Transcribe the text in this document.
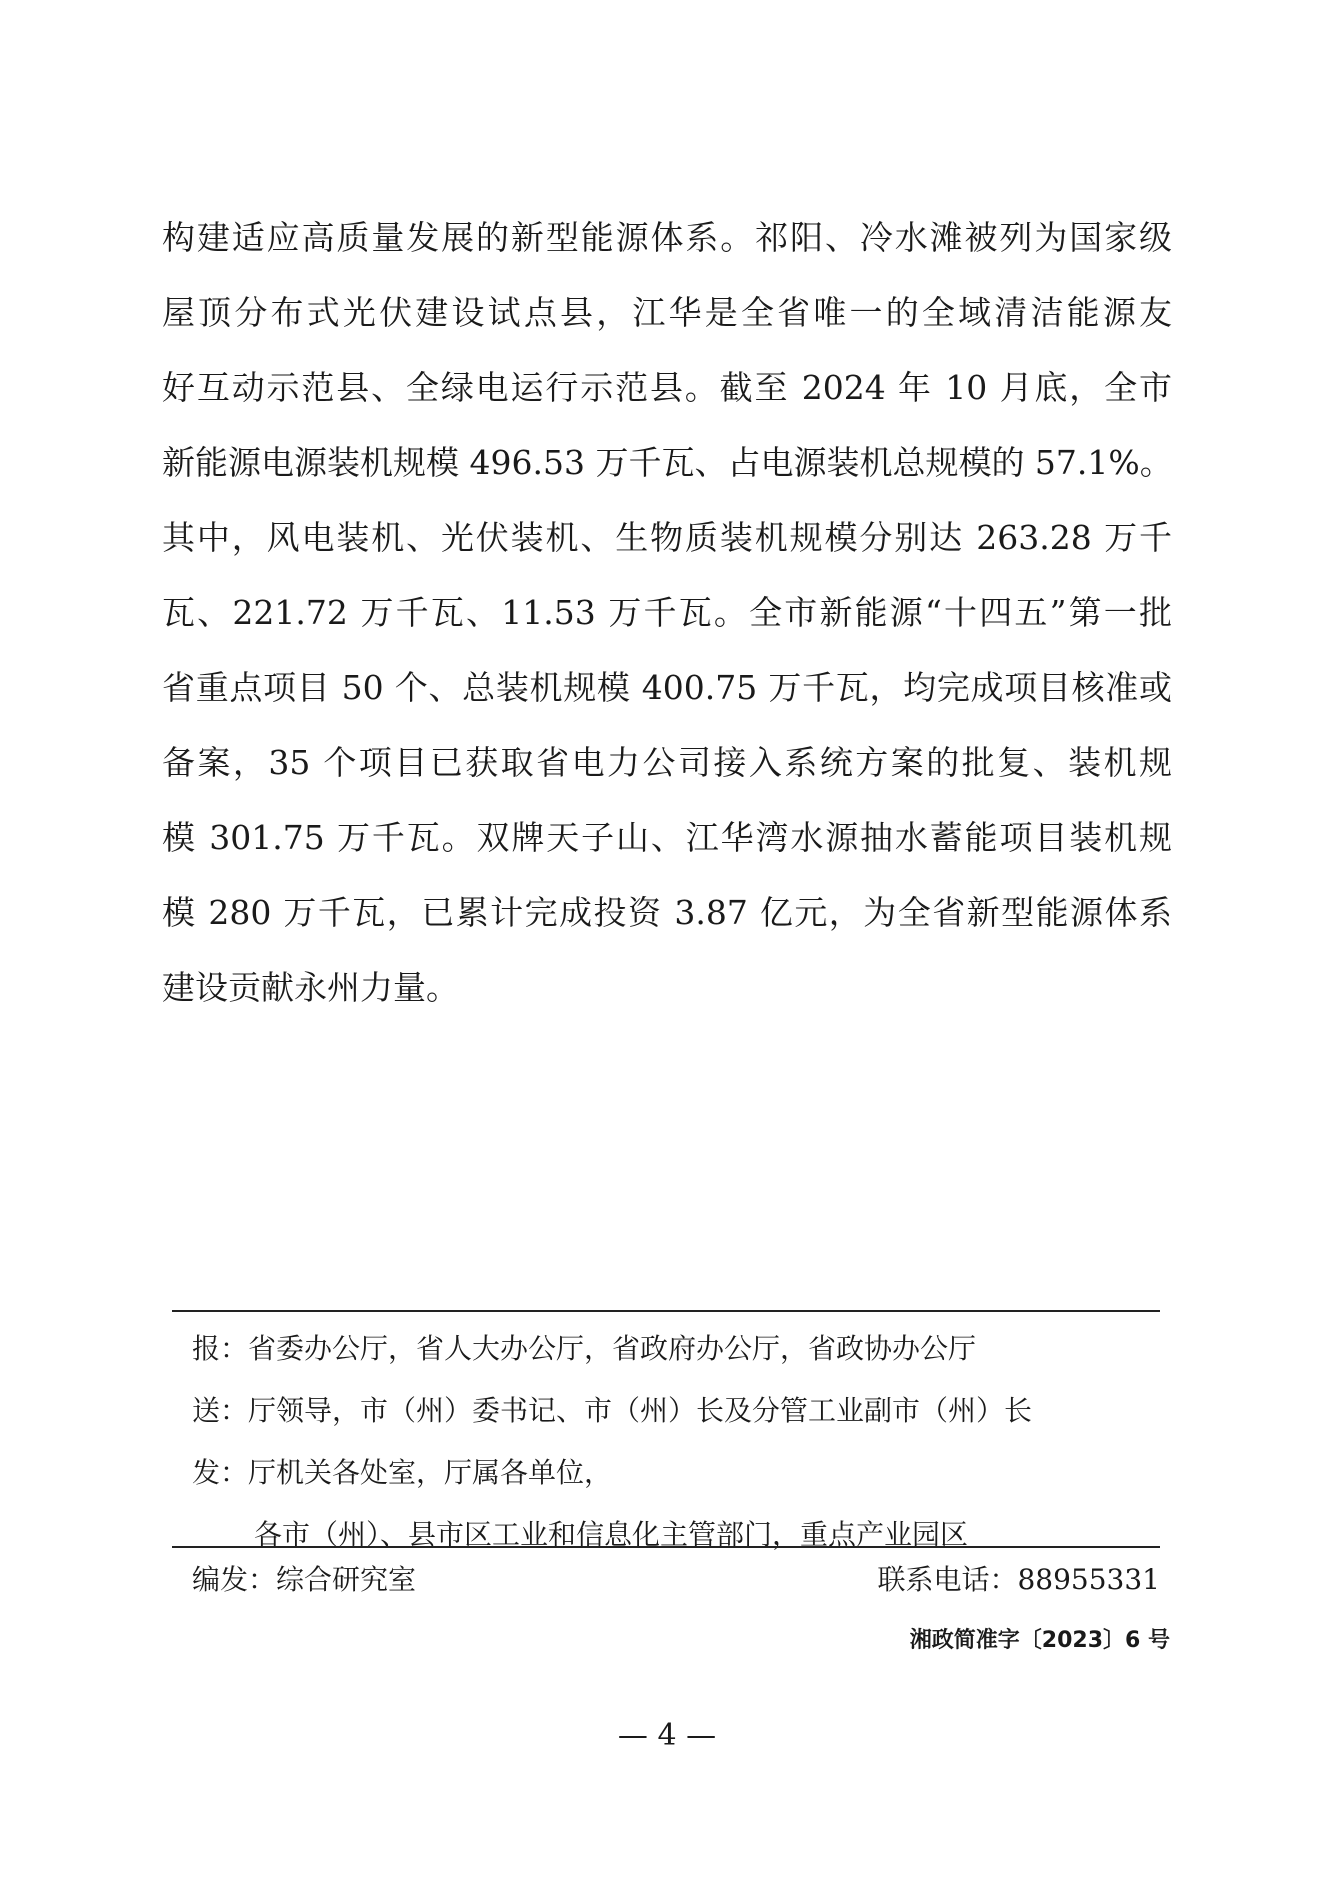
构建适应高质量发展的新型能源体系。祁阳、冷水滩被列为国家级
屋顶分布式光伏建设试点县，江华是全省唯一的全域清洁能源友
好互动示范县、全绿电运行示范县。截至 2024 年 10 月底，全市
新能源电源装机规模 496.53 万千瓦、占电源装机总规模的 57.1%。
其中，风电装机、光伏装机、生物质装机规模分别达 263.28 万千
瓦、221.72 万千瓦、11.53 万千瓦。全市新能源“十四五”第一批
省重点项目 50 个、总装机规模 400.75 万千瓦，均完成项目核准或
备案，35 个项目已获取省电力公司接入系统方案的批复、装机规
模 301.75 万千瓦。双牌天子山、江华湾水源抽水蓄能项目装机规
模 280 万千瓦，已累计完成投资 3.87 亿元，为全省新型能源体系
建设贡献永州力量。
报：省委办公厅，省人大办公厅，省政府办公厅，省政协办公厅
送：厅领导，市（州）委书记、市（州）长及分管工业副市（州）长
发：厅机关各处室，厅属各单位，
各市（州）、县市区工业和信息化主管部门，重点产业园区
编发：综合研究室	联系电话：88955331
湘政简准字〔2023〕6 号
— 4 —
